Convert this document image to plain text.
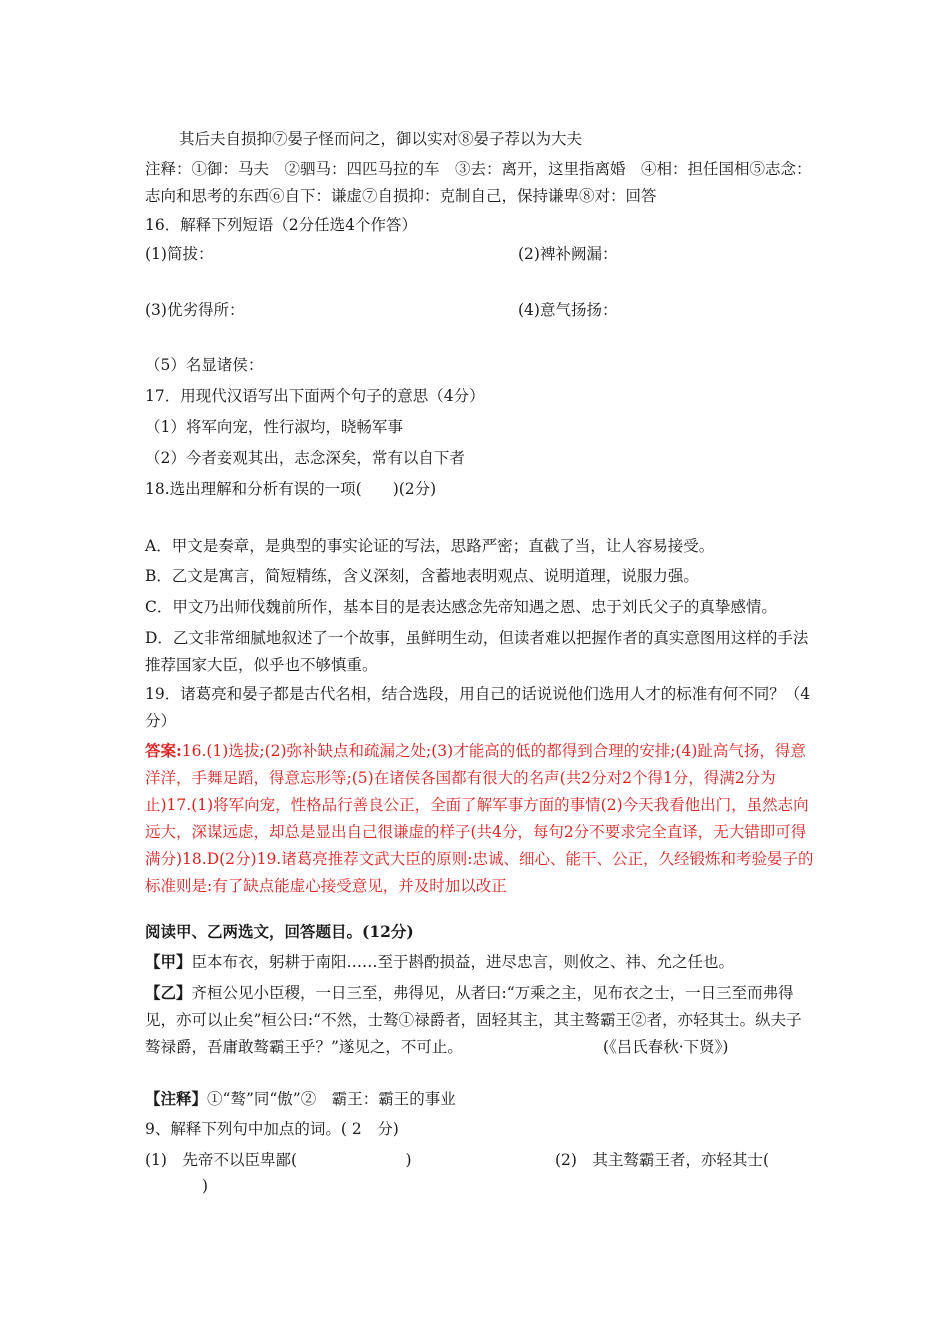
其后夫自损抑⑦晏子怪而问之，御以实对⑧晏子荐以为大夫

注释：①御：马夫　②驷马：四匹马拉的车　③去：离开，这里指离婚　④相：担任国相⑤志念：志向和思考的东西⑥自下：谦虚⑦自损抑：克制自己，保持谦卑⑧对：回答

16．解释下列短语（2分任选4个作答）

(1)简拔：	(2)裨补阙漏：
(3)优劣得所：	(4)意气扬扬：

（5）名显诸侯：

17．用现代汉语写出下面两个句子的意思（4分）

（1）将军向宠，性行淑均，晓畅军事

（2）今者妾观其出，志念深矣，常有以自下者

18.选出理解和分析有误的一项(　　)(2分)

A．甲文是奏章，是典型的事实论证的写法，思路严密；直截了当，让人容易接受。

B．乙文是寓言，简短精练，含义深刻，含蓄地表明观点、说明道理，说服力强。

C．甲文乃出师伐魏前所作，基本目的是表达感念先帝知遇之恩、忠于刘氏父子的真挚感情。

D．乙文非常细腻地叙述了一个故事，虽鲜明生动，但读者难以把握作者的真实意图用这样的手法推荐国家大臣，似乎也不够慎重。

19．诸葛亮和晏子都是古代名相，结合选段，用自己的话说说他们选用人才的标准有何不同？（4分）

答案:16.(1)选拔;(2)弥补缺点和疏漏之处;(3)才能高的低的都得到合理的安排;(4)趾高气扬，得意洋洋，手舞足蹈，得意忘形等;(5)在诸侯各国都有很大的名声(共2分对2个得1分，得满2分为止)17.(1)将军向宠，性格品行善良公正，全面了解军事方面的事情(2)今天我看他出门，虽然志向远大，深谋远虑，却总是显出自己很谦虚的样子(共4分，每句2分不要求完全直译，无大错即可得满分)18.D(2分)19.诸葛亮推荐文武大臣的原则:忠诚、细心、能干、公正，久经锻炼和考验晏子的标准则是:有了缺点能虚心接受意见，并及时加以改正

阅读甲、乙两选文，回答题目。(12分)

【甲】臣本布衣，躬耕于南阳……至于斟酌损益，进尽忠言，则攸之、祎、允之任也。

【乙】齐桓公见小臣稷，一日三至，弗得见，从者曰:“万乘之主，见布衣之士，一日三至而弗得见，亦可以止矣”桓公曰:“不然，士骜①禄爵者，固轻其主，其主骜霸王②者，亦轻其士。纵夫子骜禄爵，吾庸敢骜霸王乎？”遂见之，不可止。	(《吕氏春秋·下贤》)

【注释】①“骜”同“傲”②　霸王：霸王的事业

9、解释下列句中加点的词。( 2　分)

(1)　先帝不以臣卑鄙(　　　　　　　)	(2)　其主骜霸王者，亦轻其士(

)
